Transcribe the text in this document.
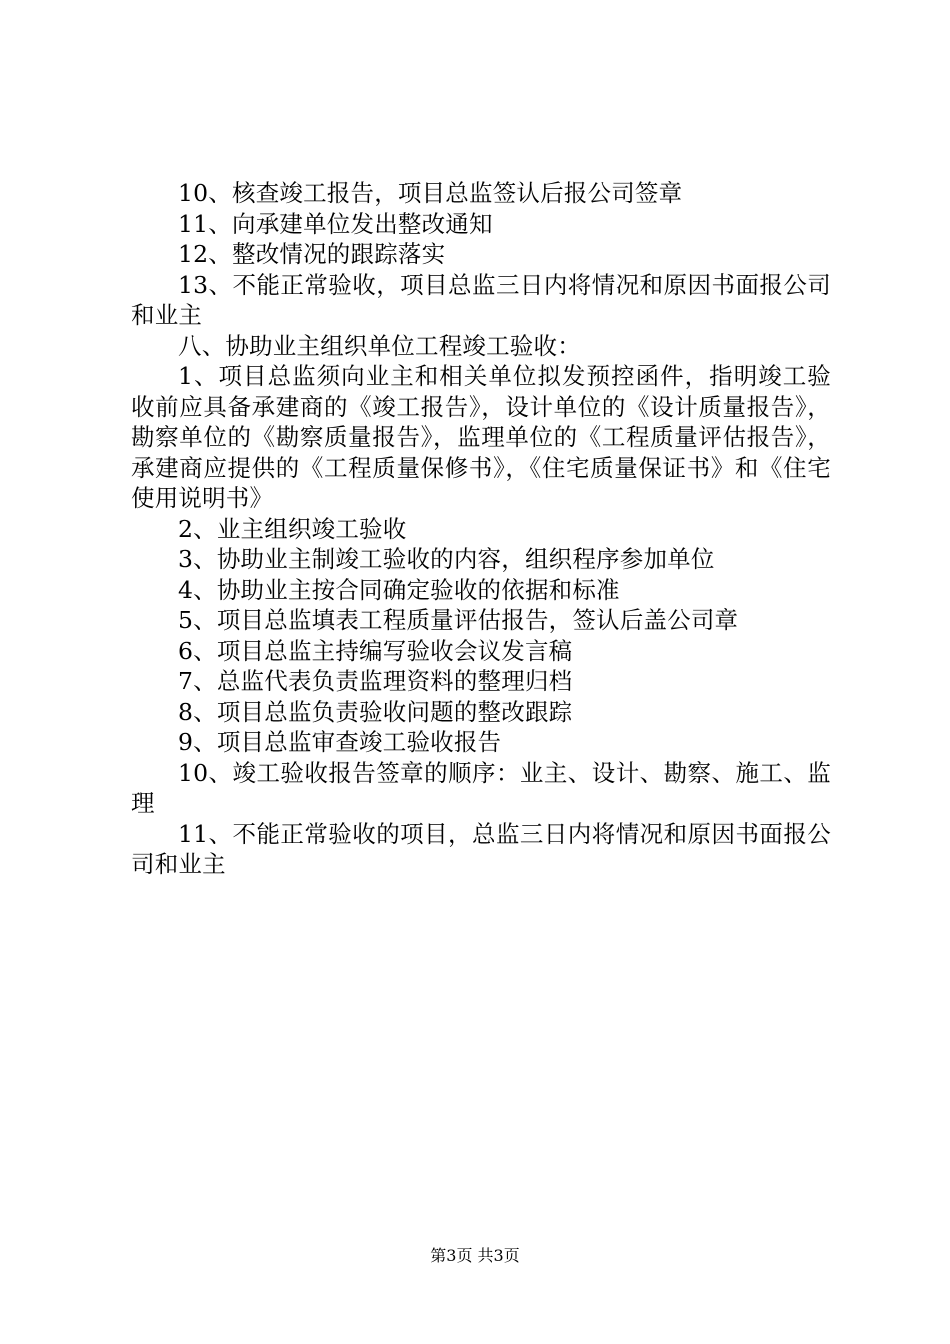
10、核查竣工报告，项目总监签认后报公司签章

11、向承建单位发出整改通知

12、整改情况的跟踪落实

13、不能正常验收，项目总监三日内将情况和原因书面报公司和业主

八、协助业主组织单位工程竣工验收：

1、项目总监须向业主和相关单位拟发预控函件，指明竣工验收前应具备承建商的《竣工报告》，设计单位的《设计质量报告》，勘察单位的《勘察质量报告》，监理单位的《工程质量评估报告》，承建商应提供的《工程质量保修书》，《住宅质量保证书》和《住宅使用说明书》

2、业主组织竣工验收

3、协助业主制竣工验收的内容，组织程序参加单位

4、协助业主按合同确定验收的依据和标准

5、项目总监填表工程质量评估报告，签认后盖公司章

6、项目总监主持编写验收会议发言稿

7、总监代表负责监理资料的整理归档

8、项目总监负责验收问题的整改跟踪

9、项目总监审查竣工验收报告

10、竣工验收报告签章的顺序：业主、设计、勘察、施工、监理

11、不能正常验收的项目，总监三日内将情况和原因书面报公司和业主

第3页 共3页
